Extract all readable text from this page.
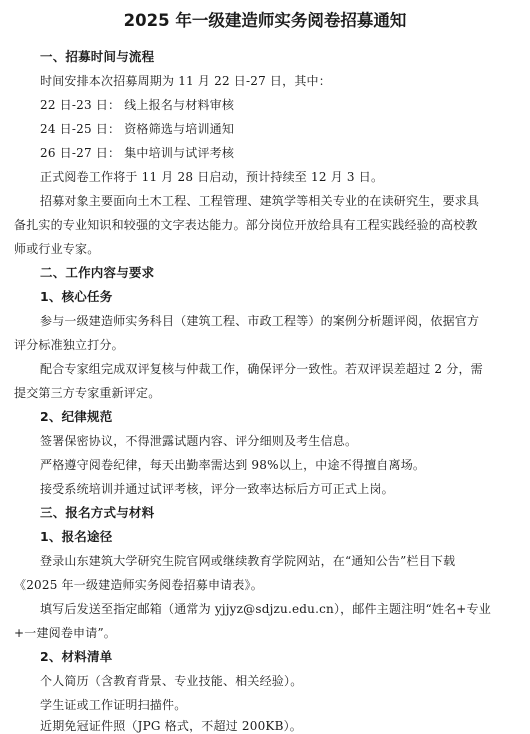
2025 年一级建造师实务阅卷招募通知
一、招募时间与流程
时间安排本次招募周期为 11 月 22 日-27 日，其中：
22 日-23 日： 线上报名与材料审核
24 日-25 日： 资格筛选与培训通知
26 日-27 日： 集中培训与试评考核
正式阅卷工作将于 11 月 28 日启动，预计持续至 12 月 3 日。
招募对象主要面向土木工程、工程管理、建筑学等相关专业的在读研究生，要求具
备扎实的专业知识和较强的文字表达能力。部分岗位开放给具有工程实践经验的高校教
师或行业专家。
二、工作内容与要求
1、核心任务
参与一级建造师实务科目（建筑工程、市政工程等）的案例分析题评阅，依据官方
评分标准独立打分。
配合专家组完成双评复核与仲裁工作，确保评分一致性。若双评误差超过 2 分，需
提交第三方专家重新评定。
2、纪律规范
签署保密协议，不得泄露试题内容、评分细则及考生信息。
严格遵守阅卷纪律，每天出勤率需达到 98%以上，中途不得擅自离场。
接受系统培训并通过试评考核，评分一致率达标后方可正式上岗。
三、报名方式与材料
1、报名途径
登录山东建筑大学研究生院官网或继续教育学院网站，在“通知公告”栏目下载
《2025 年一级建造师实务阅卷招募申请表》。
填写后发送至指定邮箱（通常为 yjjyz@sdjzu.edu.cn），邮件主题注明“姓名+专业
+一建阅卷申请”。
2、材料清单
个人简历（含教育背景、专业技能、相关经验）。
学生证或工作证明扫描件。
近期免冠证件照（JPG 格式，不超过 200KB）。
